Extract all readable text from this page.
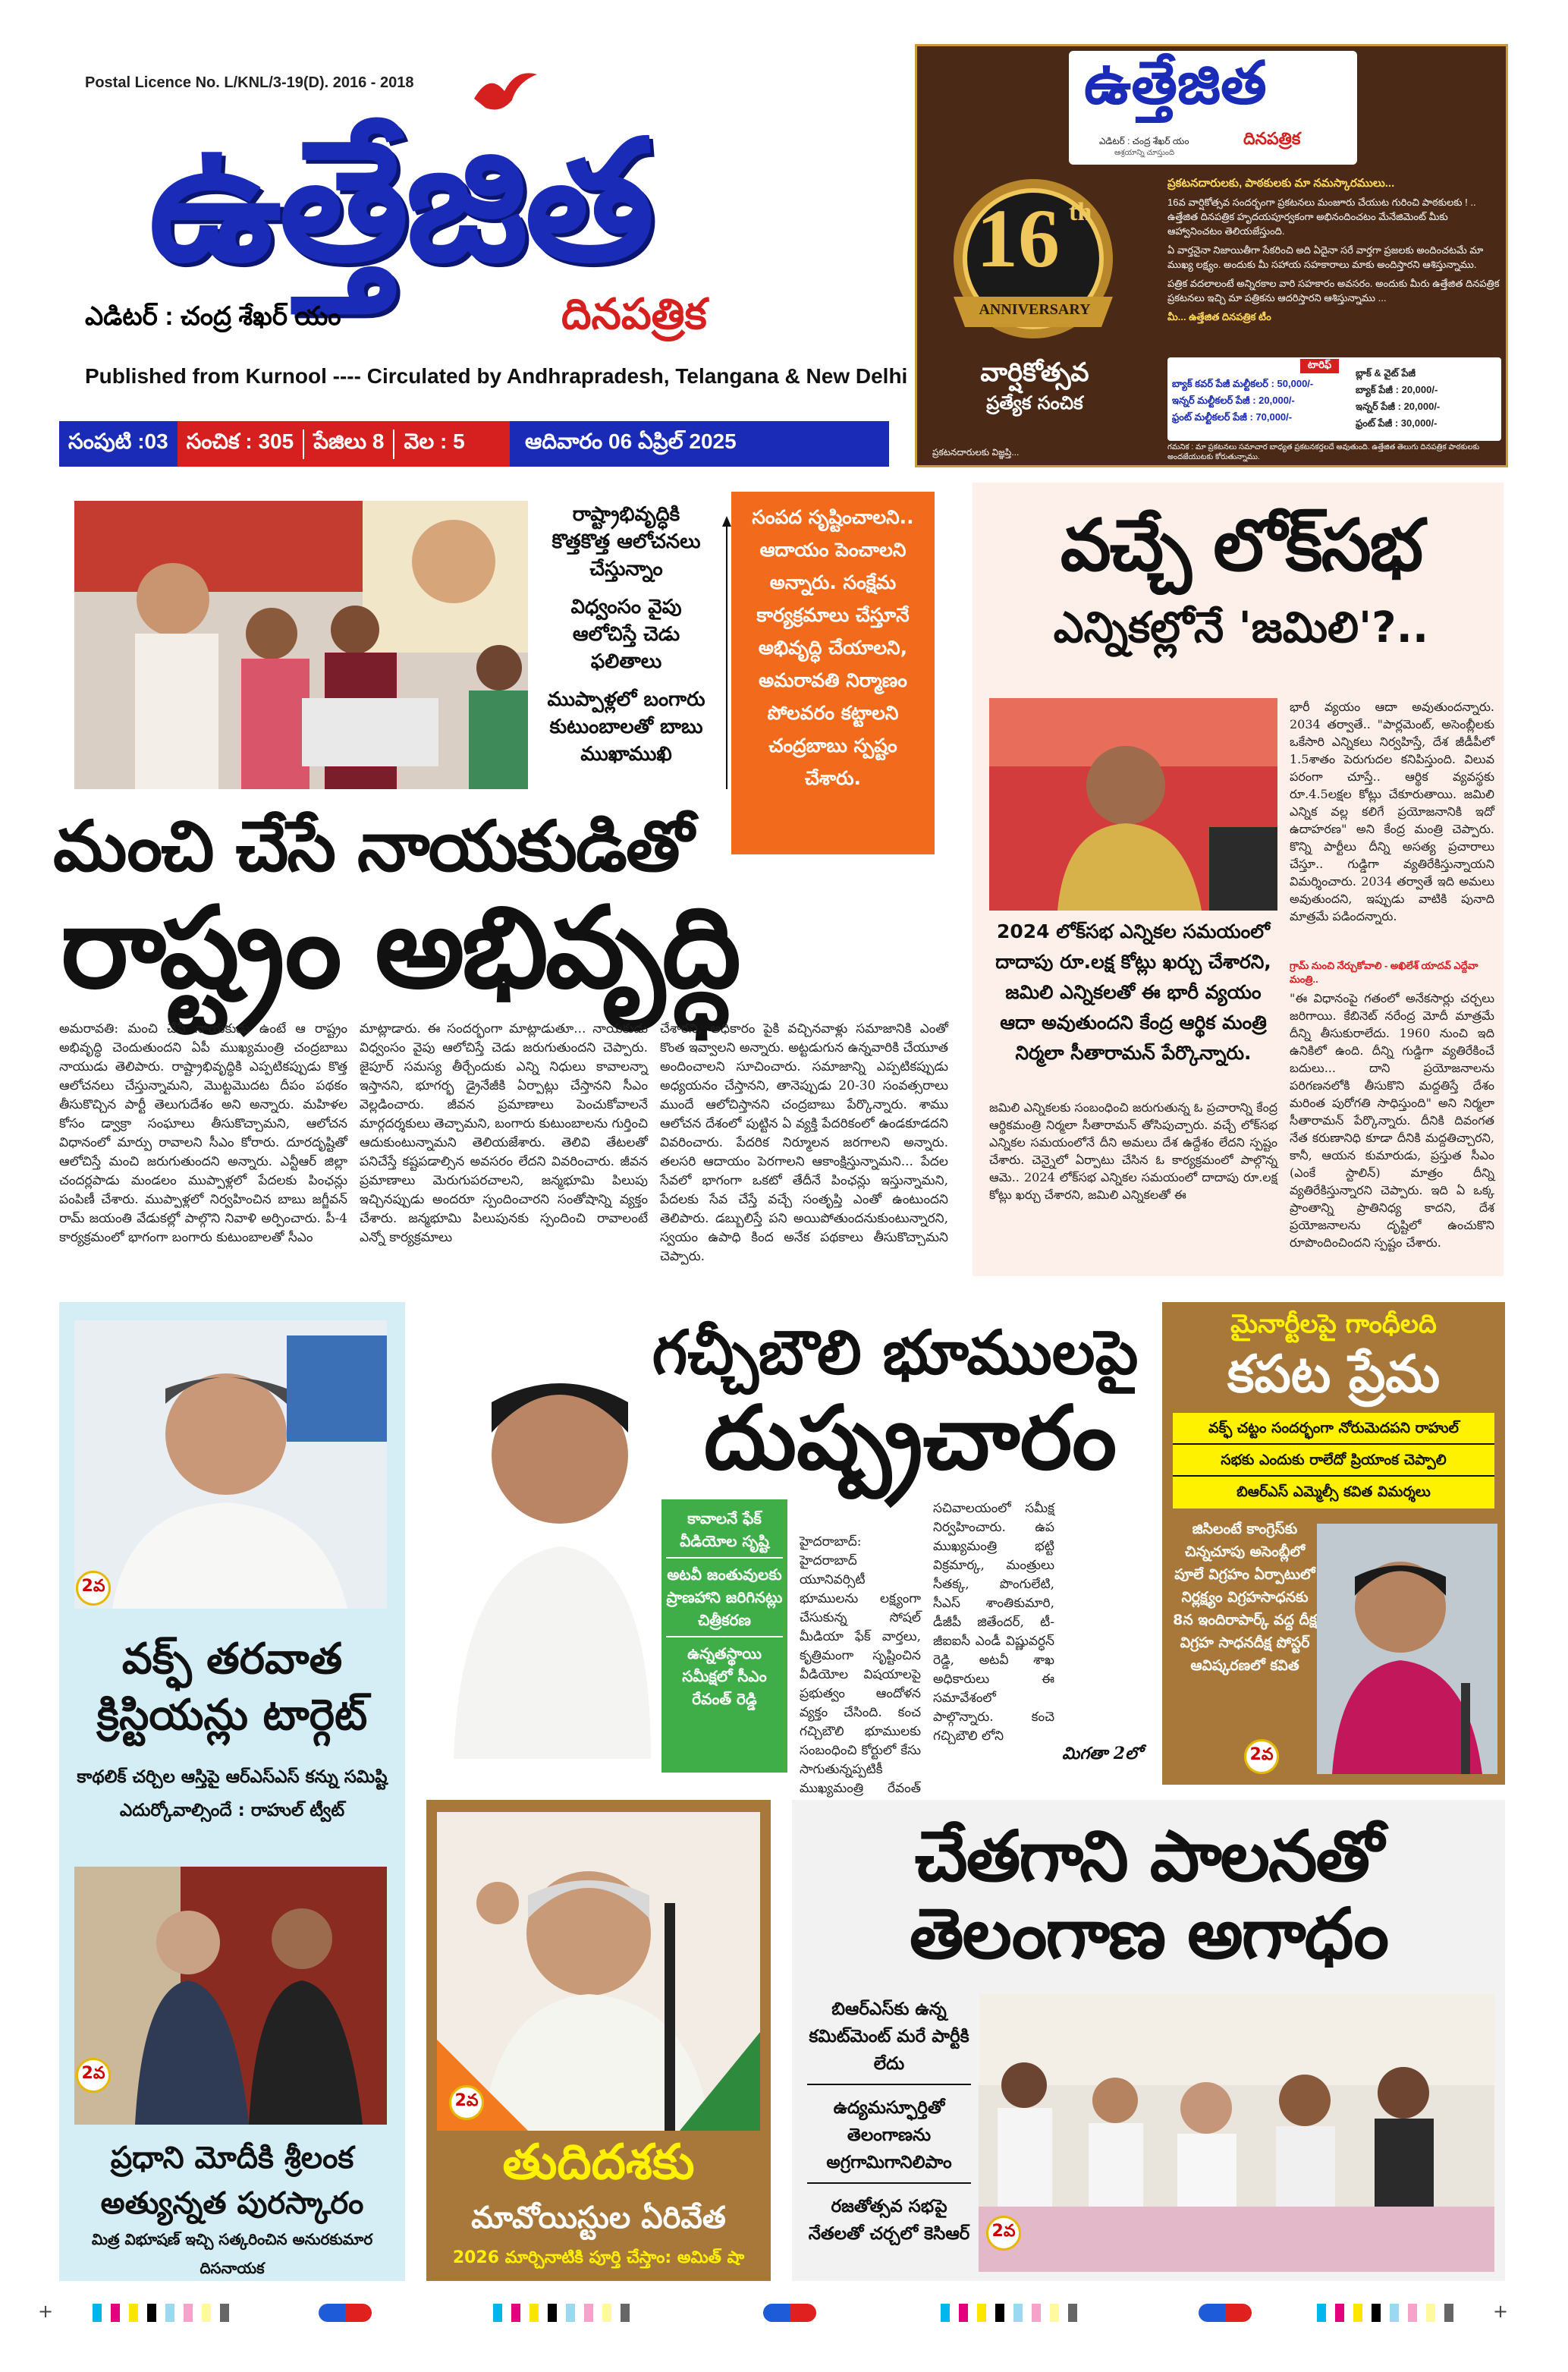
Postal Licence No. L/KNL/3-19(D). 2016 - 2018
ఉత్తేజిత
ఎడిటర్ : చంద్ర శేఖర్ యం	దినపత్రిక
Published from Kurnool ---- Circulated by Andhrapradesh, Telangana & New Delhi
సంపుటి :03 సంచిక : 305 పేజిలు 8 వెల : 5	ఆదివారం 06 ఏప్రిల్ 2025
ఉత్తేజిత
ఎడిటర్ : చంద్ర శేఖర్ యం
ఆశ్రయాన్ని చూస్తుంది
దినపత్రిక
ప్రకటనదారులకు, పాఠకులకు మా నమస్కారములు...

16వ వార్షికోత్సవ సందర్భంగా ప్రకటనలు మంజూరు చేయుట గురించి పాఠకులకు ! .. ఉత్తేజిత దినపత్రిక హృదయపూర్వకంగా అభినందించటం మేనేజిమెంట్ మీకు ఆహ్వానించటం తెలియజేస్తుంది.

ఏ వార్తనైనా నిజాయితీగా సేకరించి అది ఏదైనా సరే వార్తగా ప్రజలకు అందించటమే మా ముఖ్య లక్ష్యం. అందుకు మీ సహాయ సహకారాలు మాకు అందిస్తారని ఆశిస్తున్నాము.

పత్రిక వదలాలంటే అన్నిరకాల వారి సహకారం అవసరం. అందుకు మీరు ఉత్తేజిత దినపత్రిక ప్రకటనలు ఇచ్చి మా పత్రికను ఆదరిస్తారని ఆశిస్తున్నాము ...

మీ... ఉత్తేజిత దినపత్రిక టీం

16 th
ANNIVERSARY
వార్షికోత్సవ
ప్రత్యేక సంచిక
టారిఫ్
బ్యాక్ కవర్ పేజీ మల్టీకలర్ : 50,000/-
ఇన్నర్ మల్టీకలర్ పేజీ : 20,000/-
ఫ్రంట్ మల్టీకలర్ పేజీ : 70,000/-
బ్లాక్ & వైట్ పేజీ
బ్యాక్ పేజీ : 20,000/-
ఇన్నర్ పేజీ : 20,000/-
ఫ్రంట్ పేజీ : 30,000/-
ప్రకటనదారులకు విజ్ఞప్తి...	గమనిక : మా ప్రకటనలు సమాచార బాధ్యత ప్రకటనకర్తలదే అవుతుంది. ఉత్తేజిత తెలుగు దినపత్రిక పాఠకులకు అందజేయుటకు కోరుతున్నాము.

రాష్ట్రాభివృద్ధికి కొత్తకొత్త ఆలోచనలు చేస్తున్నాం

విధ్వంసం వైపు ఆలోచిస్తే చెడు ఫలితాలు

ముప్పాళ్లలో బంగారు కుటుంబాలతో బాబు ముఖాముఖి

సంపద సృష్టించాలని.. ఆదాయం పెంచాలని అన్నారు. సంక్షేమ కార్యక్రమాలు చేస్తూనే అభివృద్ధి చేయాలని, అమరావతి నిర్మాణం పోలవరం కట్టాలని చంద్రబాబు స్పష్టం చేశారు.
మంచి చేసే నాయకుడితో
రాష్ట్రం అభివృద్ధి
అమరావతి: మంచి చేసే నాయకుడు ఉంటే ఆ రాష్ట్రం అభివృద్ధి చెందుతుందని ఏపీ ముఖ్యమంత్రి చంద్రబాబు నాయుడు తెలిపారు. రాష్ట్రాభివృద్ధికి ఎప్పటికప్పుడు కొత్త ఆలోచనలు చేస్తున్నామని, మొట్టమొదట దీపం పథకం తీసుకొచ్చిన పార్టీ తెలుగుదేశం అని అన్నారు. మహిళల కోసం డ్వాక్రా సంఘాలు తీసుకొచ్చామని, ఆలోచన విధానంలో మార్పు రావాలని సీఎం కోరారు. దూరదృష్టితో ఆలోచిస్తే మంచి జరుగుతుందని అన్నారు. ఎన్టీఆర్ జిల్లా చందర్లపాడు మండలం ముప్పాళ్లలో పేదలకు పింఛన్లు పంపిణీ చేశారు. ముప్పాళ్లలో నిర్వహించిన బాబు జగ్జీవన్ రామ్ జయంతి వేడుకల్లో పాల్గొని నివాళి అర్పించారు. పీ-4 కార్యక్రమంలో భాగంగా బంగారు కుటుంబాలతో సీఎం
మాట్లాడారు. ఈ సందర్భంగా మాట్లాడుతూ... నాయకుడు విధ్వంసం వైపు ఆలోచిస్తే చెడు జరుగుతుందని చెప్పారు. జైపూర్ సమస్య తీర్చేందుకు ఎన్ని నిధులు కావాలన్నా ఇస్తానని, భూగర్భ డ్రైనేజీకి ఏర్పాట్లు చేస్తానని సీఎం వెల్లడించారు. జీవన ప్రమాణాలు పెంచుకోవాలనే మార్గదర్శకులు తెచ్చామని, బంగారు కుటుంబాలను గుర్తించి ఆదుకుంటున్నామని తెలియజేశారు. తెలివి తేటలతో పనిచేస్తే కష్టపడాల్సిన అవసరం లేదని వివరించారు. జీవన ప్రమాణాలు మెరుగుపరచాలని, జన్మభూమి పిలుపు ఇచ్చినప్పుడు అందరూ స్పందించారని సంతోషాన్ని వ్యక్తం చేశారు. జన్మభూమి పిలుపునకు స్పందించి రావాలంటే ఎన్నో కార్యక్రమాలు
చేశారని, అధికారం పైకి వచ్చినవాళ్లు సమాజానికి ఎంతో కొంత ఇవ్వాలని అన్నారు. అట్టడుగున ఉన్నవారికి చేయూత అందించాలని సూచించారు. సమాజాన్ని ఎప్పటికప్పుడు అధ్యయనం చేస్తానని, తానెప్పుడు 20-30 సంవత్సరాలు ముందే ఆలోచిస్తానని చంద్రబాబు పేర్కొన్నారు. శాము ఆలోచన దేశంలో పుట్టిన ఏ వ్యక్తి పేదరికంలో ఉండకూడదని వివరించారు. పేదరిక నిర్మూలన జరగాలని అన్నారు. తలసరి ఆదాయం పెరగాలని ఆకాంక్షిస్తున్నామని... పేదల సేవలో భాగంగా ఒకటో తేదీనే పింఛన్లు ఇస్తున్నామని, పేదలకు సేవ చేస్తే వచ్చే సంతృప్తి ఎంతో ఉంటుందని తెలిపారు. డబ్బులిస్తే పని అయిపోతుందనుకుంటున్నారని, స్వయం ఉపాధి కింద అనేక పథకాలు తీసుకొచ్చామని చెప్పారు.
వచ్చే లోక్‌సభ
ఎన్నికల్లోనే 'జమిలి'?..
2024 లోక్‌సభ ఎన్నికల సమయంలో దాదాపు రూ.లక్ష కోట్లు ఖర్చు చేశారని, జమిలి ఎన్నికలతో ఈ భారీ వ్యయం ఆదా అవుతుందని కేంద్ర ఆర్థిక మంత్రి నిర్మలా సీతారామన్ పేర్కొన్నారు.
జమిలి ఎన్నికలకు సంబంధించి జరుగుతున్న ఓ ప్రచారాన్ని కేంద్ర ఆర్థికమంత్రి నిర్మలా సీతారామన్ తోసిపుచ్చారు. వచ్చే లోక్‌సభ ఎన్నికల సమయంలోనే దీని అమలు దేశ ఉద్దేశం లేదని స్పష్టం చేశారు. చెన్నైలో ఏర్పాటు చేసిన ఓ కార్యక్రమంలో పాల్గొన్న ఆమె.. 2024 లోక్‌సభ ఎన్నికల సమయంలో దాదాపు రూ.లక్ష కోట్లు ఖర్చు చేశారని, జమిలి ఎన్నికలతో ఈ
భారీ వ్యయం ఆదా అవుతుందన్నారు. 2034 తర్వాతే.. "పార్లమెంట్, అసెంబ్లీలకు ఒకేసారి ఎన్నికలు నిర్వహిస్తే, దేశ జీడీపీలో 1.5శాతం పెరుగుదల కనిపిస్తుంది. విలువ పరంగా చూస్తే.. ఆర్థిక వ్యవస్థకు రూ.4.5లక్షల కోట్లు చేకూరుతాయి. జమిలి ఎన్నిక వల్ల కలిగే ప్రయోజనానికి ఇదో ఉదాహరణ" అని కేంద్ర మంత్రి చెప్పారు. కొన్ని పార్టీలు దీన్ని అసత్య ప్రచారాలు చేస్తూ.. గుడ్డిగా వ్యతిరేకిస్తున్నాయని విమర్శించారు. 2034 తర్వాతే ఇది అమలు అవుతుందని, ఇప్పుడు వాటికి పునాది మాత్రమే పడిందన్నారు.
గ్రామ్ నుంచి నేర్చుకోవాలి - అఖిలేశ్ యాదవ్ ఎద్దేవా మంత్రి..
"ఈ విధానంపై గతంలో అనేకసార్లు చర్చలు జరిగాయి. కేబినెట్ నరేంద్ర మోదీ మాత్రమే దీన్ని తీసుకురాలేదు. 1960 నుంచి ఇది ఉనికిలో ఉంది. దీన్ని గుడ్డిగా వ్యతిరేకించే బదులు... దాని ప్రయోజనాలను పరిగణనలోకి తీసుకొని మద్దతిస్తే దేశం మరింత పురోగతి సాధిస్తుంది" అని నిర్మలా సీతారామన్ పేర్కొన్నారు. దీనికి దివంగత నేత కరుణానిధి కూడా దీనికి మద్దతిచ్చారని, కానీ, ఆయన కుమారుడు, ప్రస్తుత సీఎం (ఎంకే స్టాలిన్) మాత్రం దీన్ని వ్యతిరేకిస్తున్నారని చెప్పారు. ఇది ఏ ఒక్క ప్రాంతాన్ని ప్రాతినిధ్య కాదని, దేశ ప్రయోజనాలను దృష్టిలో ఉంచుకొని రూపొందించిందని స్పష్టం చేశారు.
2వ
వక్ఫ్ తరవాత
క్రిస్టియన్లు టార్గెట్
కాథలిక్ చర్చిల ఆస్తిపై ఆర్ఎస్ఎస్ కన్ను సమిష్టి ఎదుర్కోవాల్సిందే : రాహుల్ ట్వీట్
2వ
ప్రధాని మోదీకి శ్రీలంక
అత్యున్నత పురస్కారం
మిత్ర విభూషణ్ ఇచ్చి సత్కరించిన అనురకుమార దిసనాయక
గచ్చీబౌలి భూములపై
దుష్ప్రచారం

కావాలనే ఫేక్ వీడియోల సృష్టి

అటవీ జంతువులకు ప్రాణహాని జరిగినట్లు చిత్రీకరణ

ఉన్నతస్థాయి సమీక్షలో సీఎం రేవంత్ రెడ్డి

హైదరాబాద్: హైదరాబాద్ యూనివర్సిటీ భూములను లక్ష్యంగా చేసుకున్న సోషల్ మీడియా ఫేక్ వార్తలు, కృత్రిమంగా సృష్టించిన వీడియోల విషయాలపై ప్రభుత్వం ఆందోళన వ్యక్తం చేసింది. కంచ గచ్చిబౌలి భూములకు సంబంధించి కోర్టులో కేసు సాగుతున్నప్పటికీ ముఖ్యమంత్రి రేవంత్
సచివాలయంలో సమీక్ష నిర్వహించారు. ఉప ముఖ్యమంత్రి భట్టి విక్రమార్క, మంత్రులు సీతక్క, పొంగులేటి, సీఎస్ శాంతికుమారి, డీజీపీ జితేందర్, టీ-జీఐఐసీ ఎండీ విష్ణువర్ధన్ రెడ్డి, అటవీ శాఖ అధికారులు ఈ సమావేశంలో పాల్గొన్నారు. కంచె గచ్చిబౌలి లోని
మిగతా 2లో
మైనార్టీలపై గాంధీలది
కపట ప్రేమ

వక్ఫ్ చట్టం సందర్భంగా నోరుమెదపని రాహుల్

సభకు ఎందుకు రాలేదో ప్రియాంక చెప్పాలి

బిఆర్ఎస్ ఎమ్మెల్సీ కవిత విమర్శలు

జిసిలంటే కాంగ్రెస్‌కు చిన్నచూపు అసెంబ్లీలో పూలే విగ్రహం ఏర్పాటులో నిర్లక్ష్యం విగ్రహసాధనకు 8న ఇందిరాపార్క్ వద్ద దీక్ష విగ్రహ సాధనదీక్ష పోస్టర్ ఆవిష్కరణలో కవిత
2వ
2వ
తుదిదశకు
మావోయిస్టుల ఏరివేత
2026 మార్చినాటికి పూర్తి చేస్తాం: అమిత్ షా
చేతగాని పాలనతో
తెలంగాణ అగాధం

బిఆర్ఎస్‌కు ఉన్న కమిట్‌మెంట్ మరే పార్టీకి లేదు

ఉద్యమస్ఫూర్తితో తెలంగాణను అగ్రగామిగానిలిపాం

రజతోత్సవ సభపై నేతలతో చర్చలో కెసిఆర్	2వ
+	+
